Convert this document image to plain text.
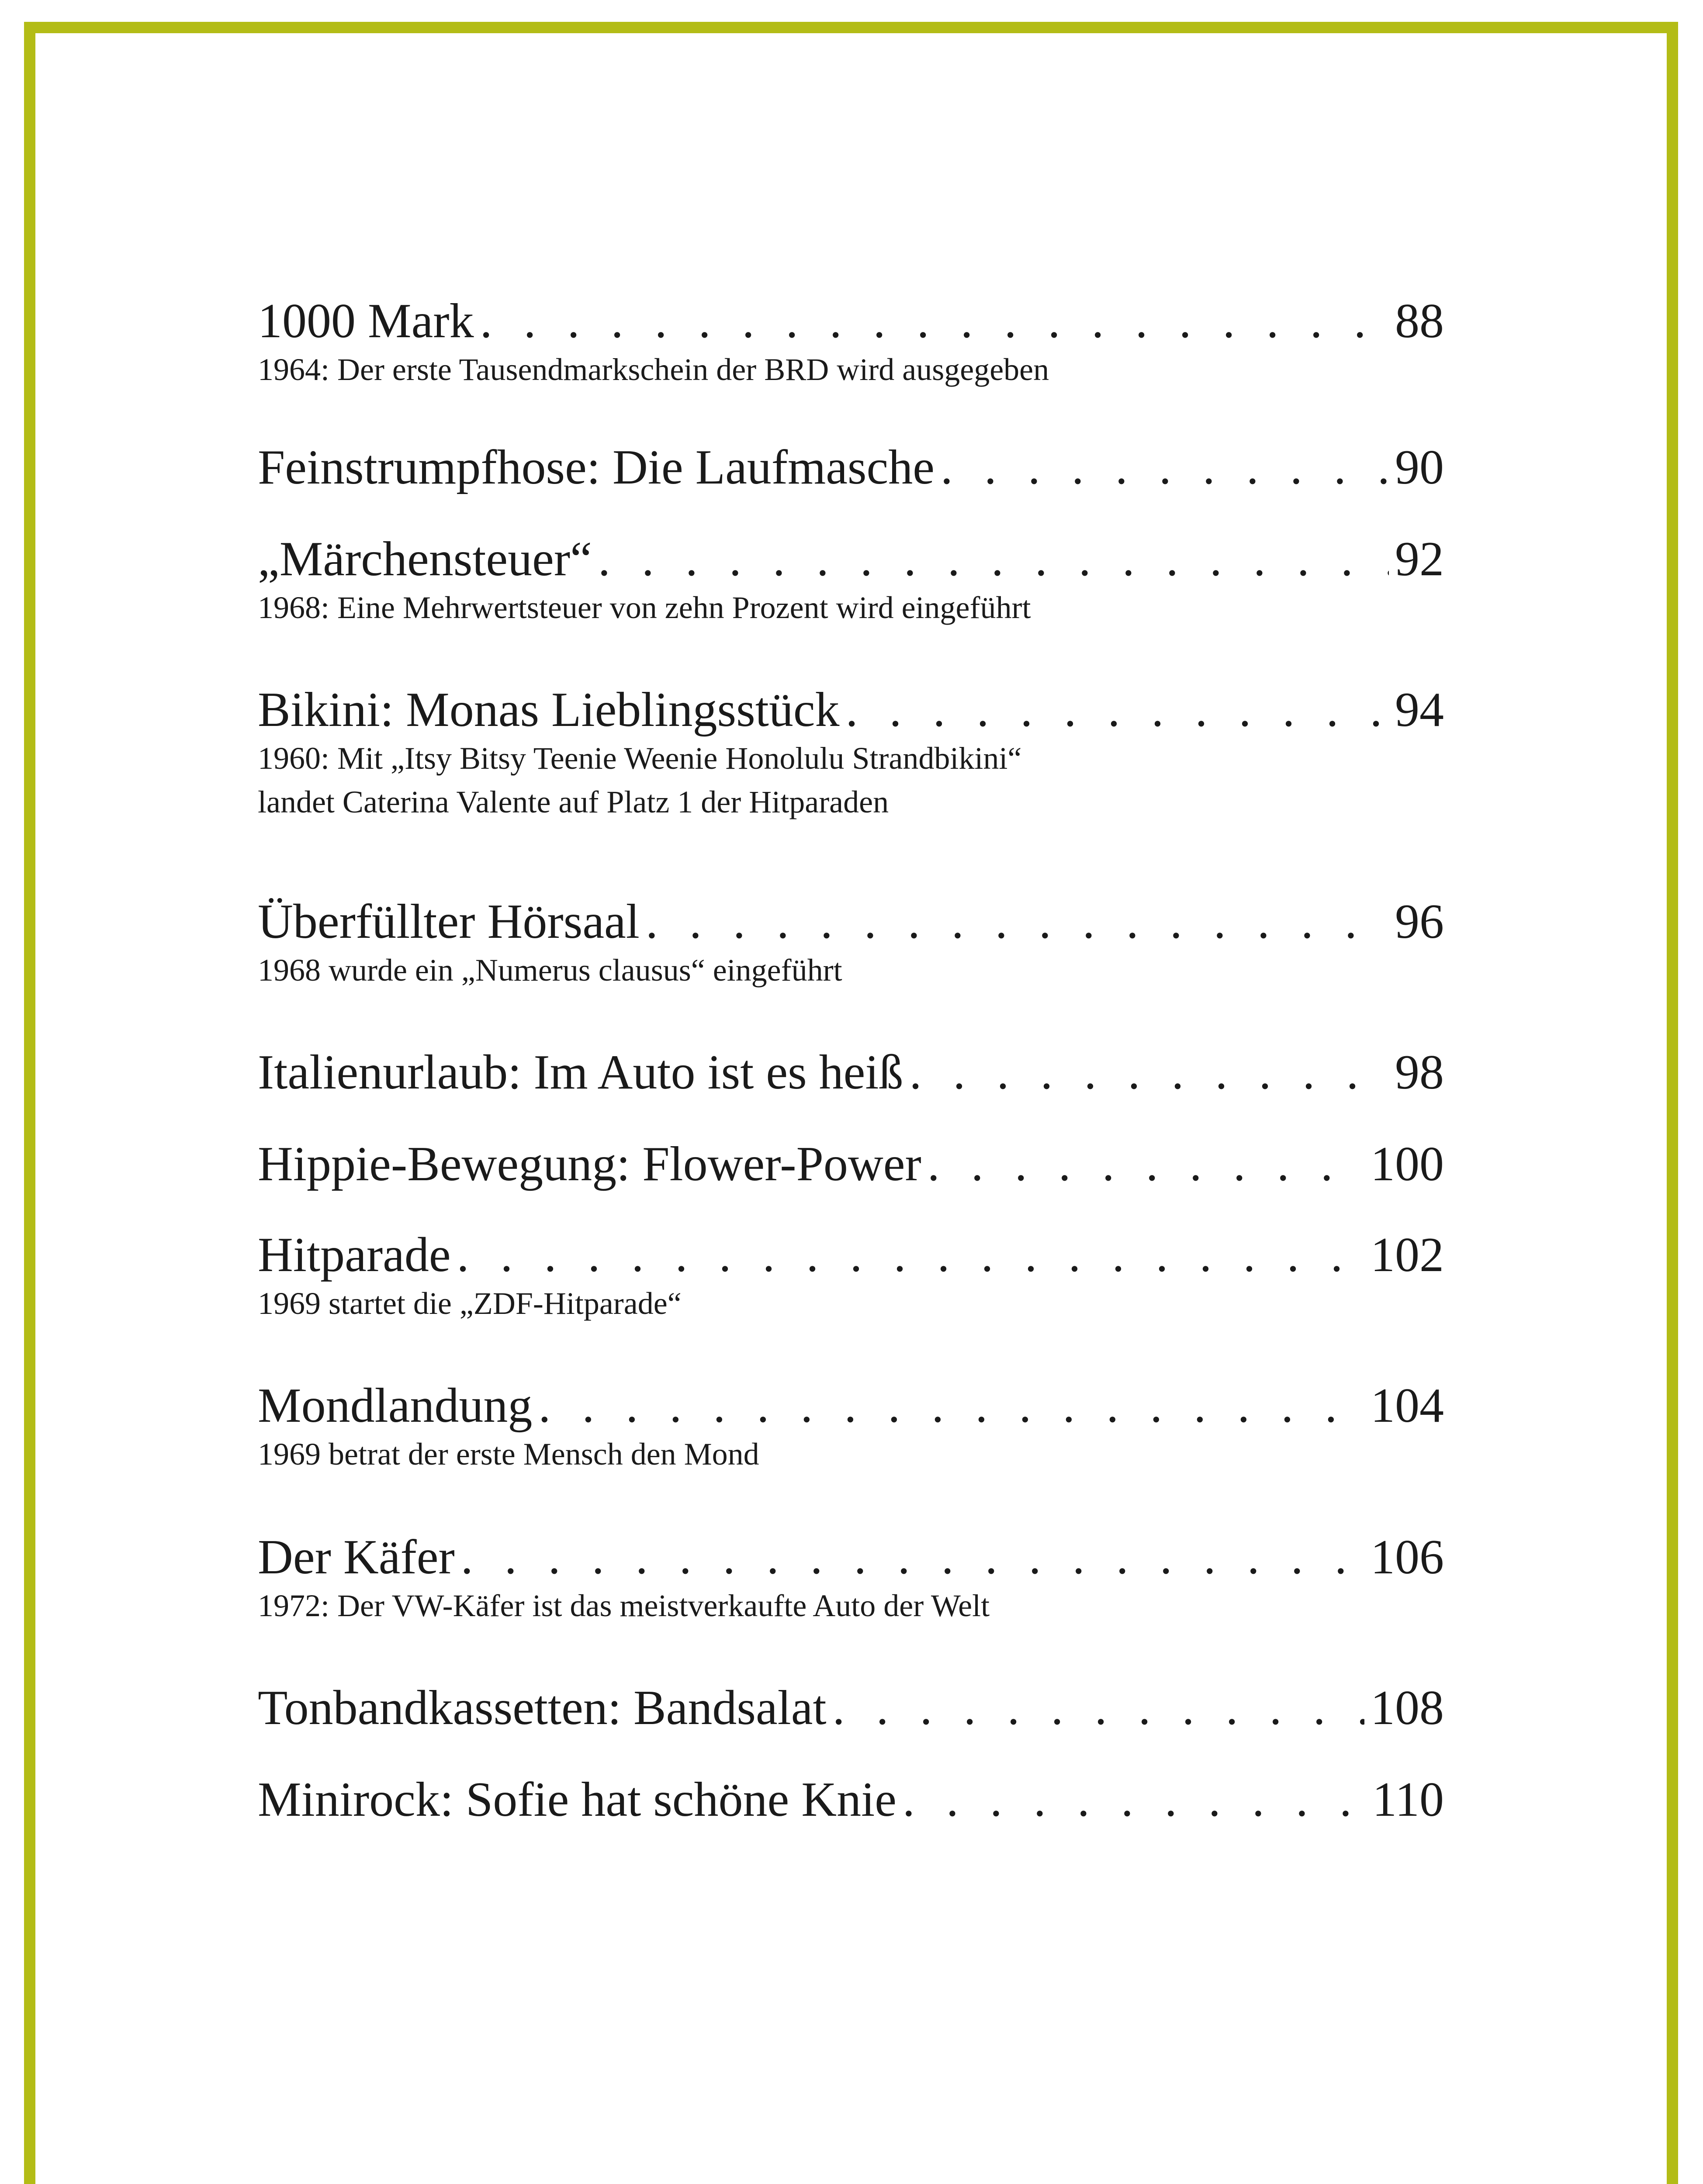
1000 Mark . . .	88
1964: Der erste Tausendmarkschein der BRD wird ausgegeben
Feinstrumpfhose: Die Laufmasche . . .	90
„Märchensteuer“ . . .	92
1968: Eine Mehrwertsteuer von zehn Prozent wird eingeführt
Bikini: Monas Lieblingsstück . . .	94
1960: Mit „Itsy Bitsy Teenie Weenie Honolulu Strandbikini“
landet Caterina Valente auf Platz 1 der Hitparaden
Überfüllter Hörsaal . . .	96
1968 wurde ein „Numerus clausus“ eingeführt
Italienurlaub: Im Auto ist es heiß . . .	98
Hippie-Bewegung: Flower-Power . . .	100
Hitparade . . .	102
1969 startet die „ZDF-Hitparade“
Mondlandung . . .	104
1969 betrat der erste Mensch den Mond
Der Käfer . . .	106
1972: Der VW-Käfer ist das meistverkaufte Auto der Welt
Tonbandkassetten: Bandsalat . . .	108
Minirock: Sofie hat schöne Knie . . .	110
